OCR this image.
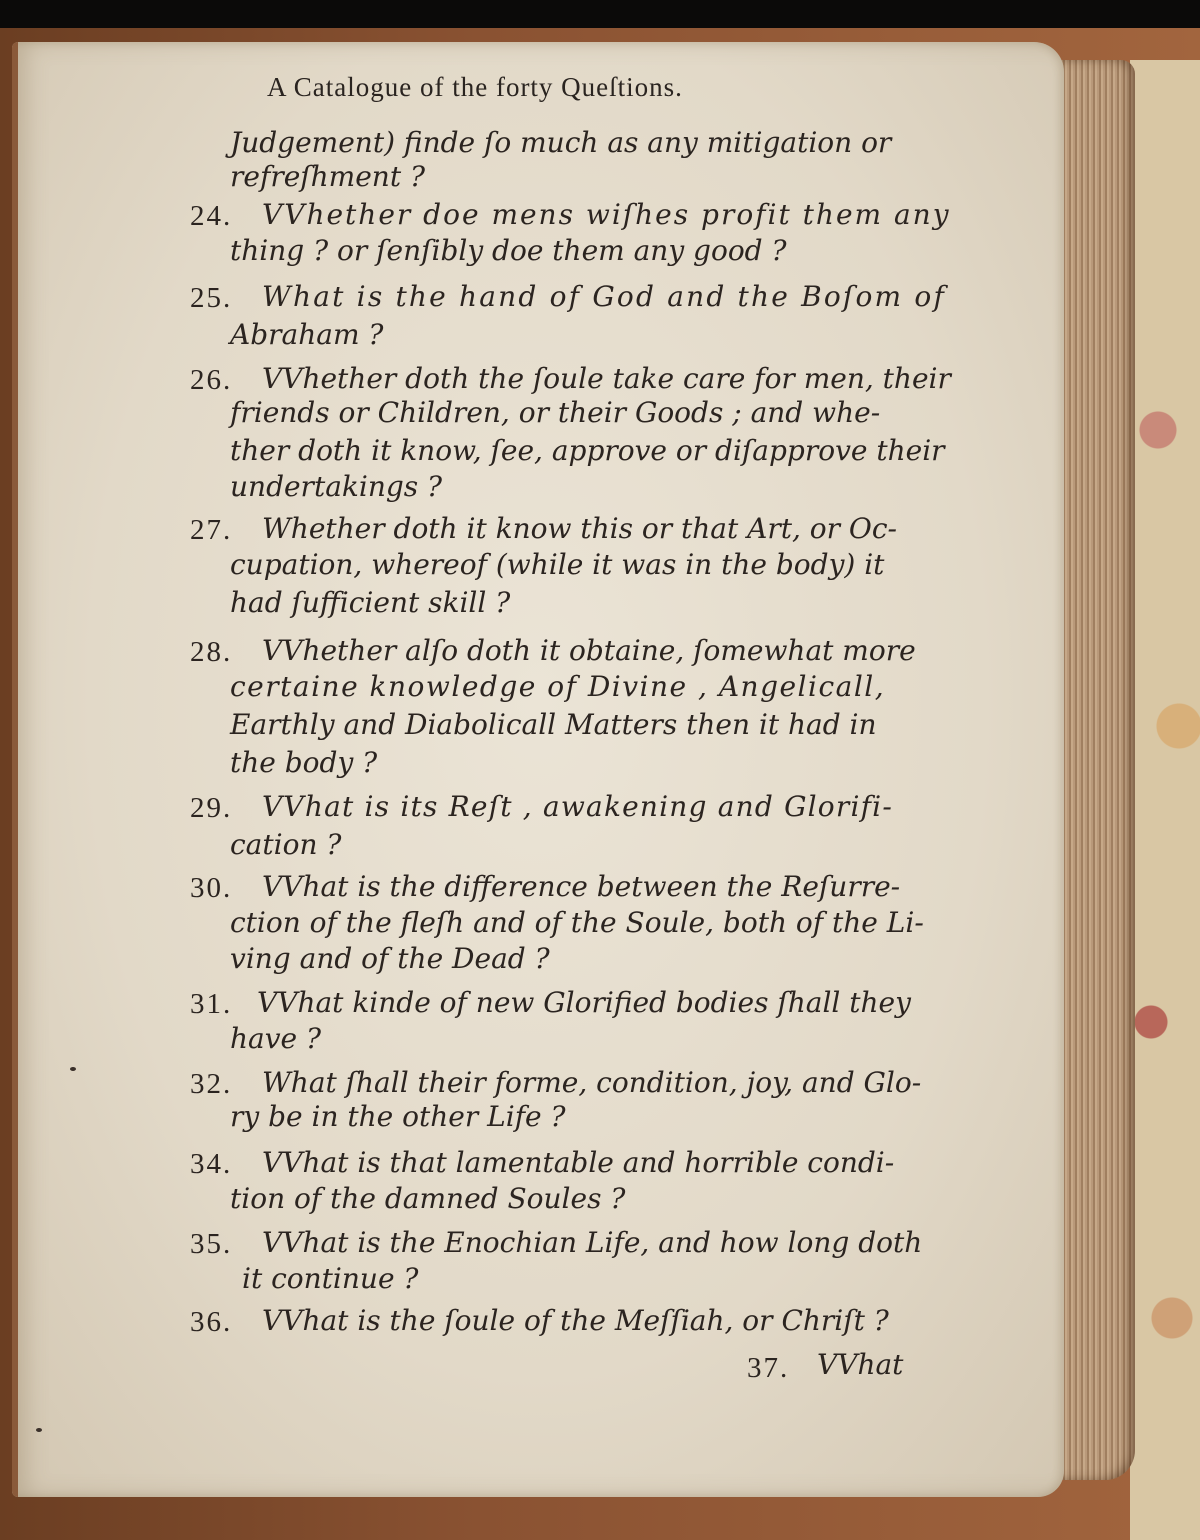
A Catalogue of the forty Queſtions.
Judgement) finde ſo much as any mitigation or
refreſhment ?
24. VVhether doe mens wiſhes profit them any
thing ? or ſenſibly doe them any good ?
25. What is the hand of God and the Boſom of
Abraham ?
26. VVhether doth the ſoule take care for men, their
friends or Children, or their Goods ; and whe-
ther doth it know, ſee, approve or diſapprove their
undertakings ?
27. Whether doth it know this or that Art, or Oc-
cupation, whereof (while it was in the body) it
had ſufficient skill ?
28. VVhether alſo doth it obtaine, ſomewhat more
certaine knowledge of Divine , Angelicall,
Earthly and Diabolicall Matters then it had in
the body ?
29. VVhat is its Reſt , awakening and Glorifi-
cation ?
30. VVhat is the difference between the Reſurre-
ction of the fleſh and of the Soule, both of the Li-
ving and of the Dead ?
31. VVhat kinde of new Glorified bodies ſhall they
have ?
32. What ſhall their forme, condition, joy, and Glo-
ry be in the other Life ?
34. VVhat is that lamentable and horrible condi-
tion of the damned Soules ?
35. VVhat is the Enochian Life, and how long doth
it continue ?
36. VVhat is the ſoule of the Meſſiah, or Chriſt ?
37. VVhat
